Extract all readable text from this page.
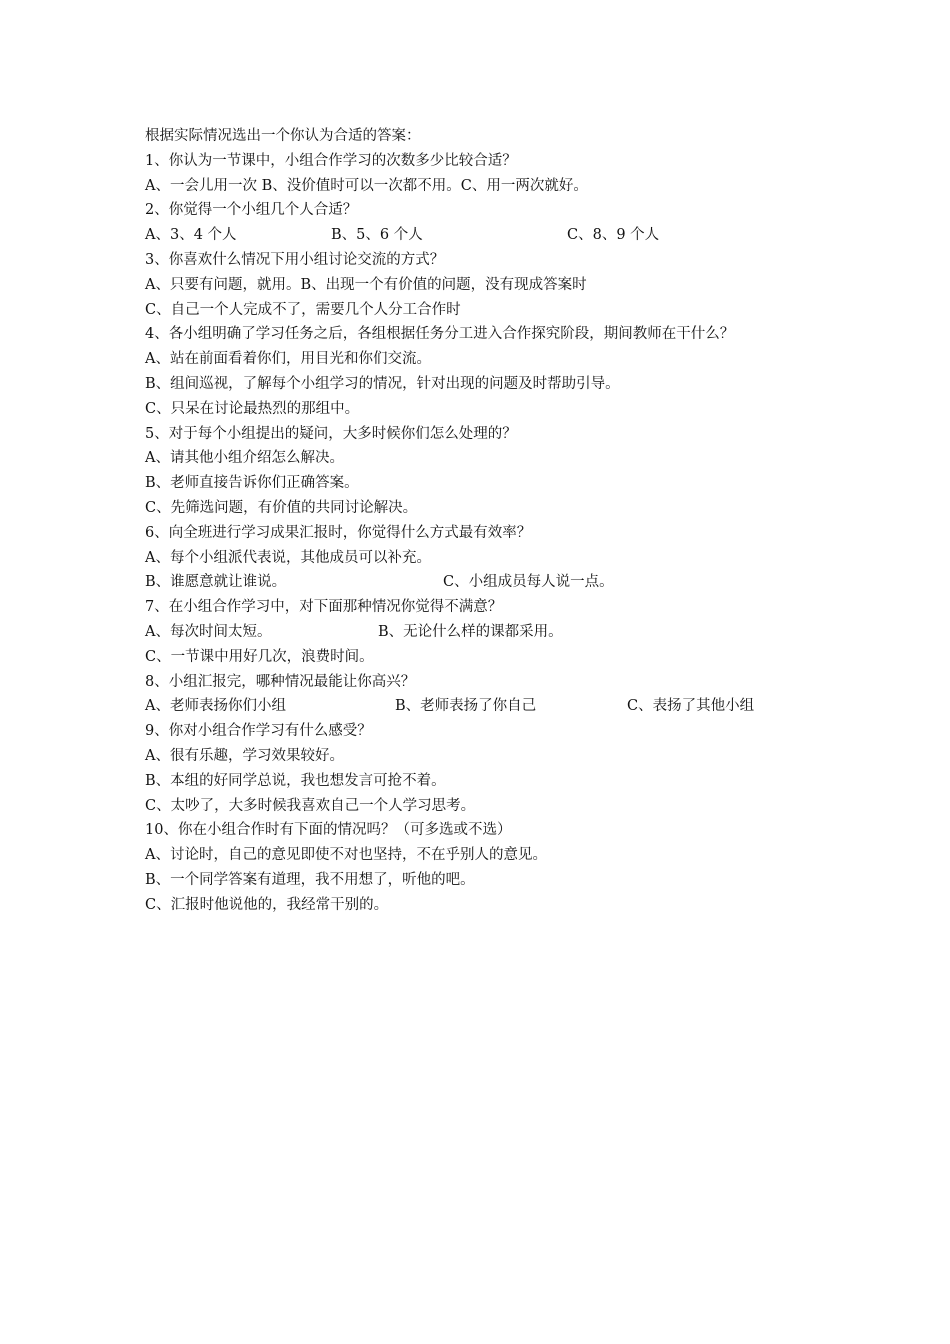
根据实际情况选出一个你认为合适的答案：
1、你认为一节课中，小组合作学习的次数多少比较合适？
A、一会儿用一次 B、没价值时可以一次都不用。C、用一两次就好。
2、你觉得一个小组几个人合适？
A、3、4 个人	B、5、6 个人	C、8、9 个人
3、你喜欢什么情况下用小组讨论交流的方式？
A、只要有问题，就用。B、出现一个有价值的问题，没有现成答案时
C、自己一个人完成不了，需要几个人分工合作时
4、各小组明确了学习任务之后，各组根据任务分工进入合作探究阶段，期间教师在干什么？
A、站在前面看着你们，用目光和你们交流。
B、组间巡视，了解每个小组学习的情况，针对出现的问题及时帮助引导。
C、只呆在讨论最热烈的那组中。
5、对于每个小组提出的疑问，大多时候你们怎么处理的？
A、请其他小组介绍怎么解决。
B、老师直接告诉你们正确答案。
C、先筛选问题，有价值的共同讨论解决。
6、向全班进行学习成果汇报时，你觉得什么方式最有效率？
A、每个小组派代表说，其他成员可以补充。
B、谁愿意就让谁说。	C、小组成员每人说一点。
7、在小组合作学习中，对下面那种情况你觉得不满意？
A、每次时间太短。	B、无论什么样的课都采用。
C、一节课中用好几次，浪费时间。
8、小组汇报完，哪种情况最能让你高兴？
A、老师表扬你们小组	B、老师表扬了你自己	C、表扬了其他小组
9、你对小组合作学习有什么感受？
A、很有乐趣，学习效果较好。
B、本组的好同学总说，我也想发言可抢不着。
C、太吵了，大多时候我喜欢自己一个人学习思考。
10、你在小组合作时有下面的情况吗？（可多选或不选）
A、讨论时，自己的意见即使不对也坚持，不在乎别人的意见。
B、一个同学答案有道理，我不用想了，听他的吧。
C、汇报时他说他的，我经常干别的。
